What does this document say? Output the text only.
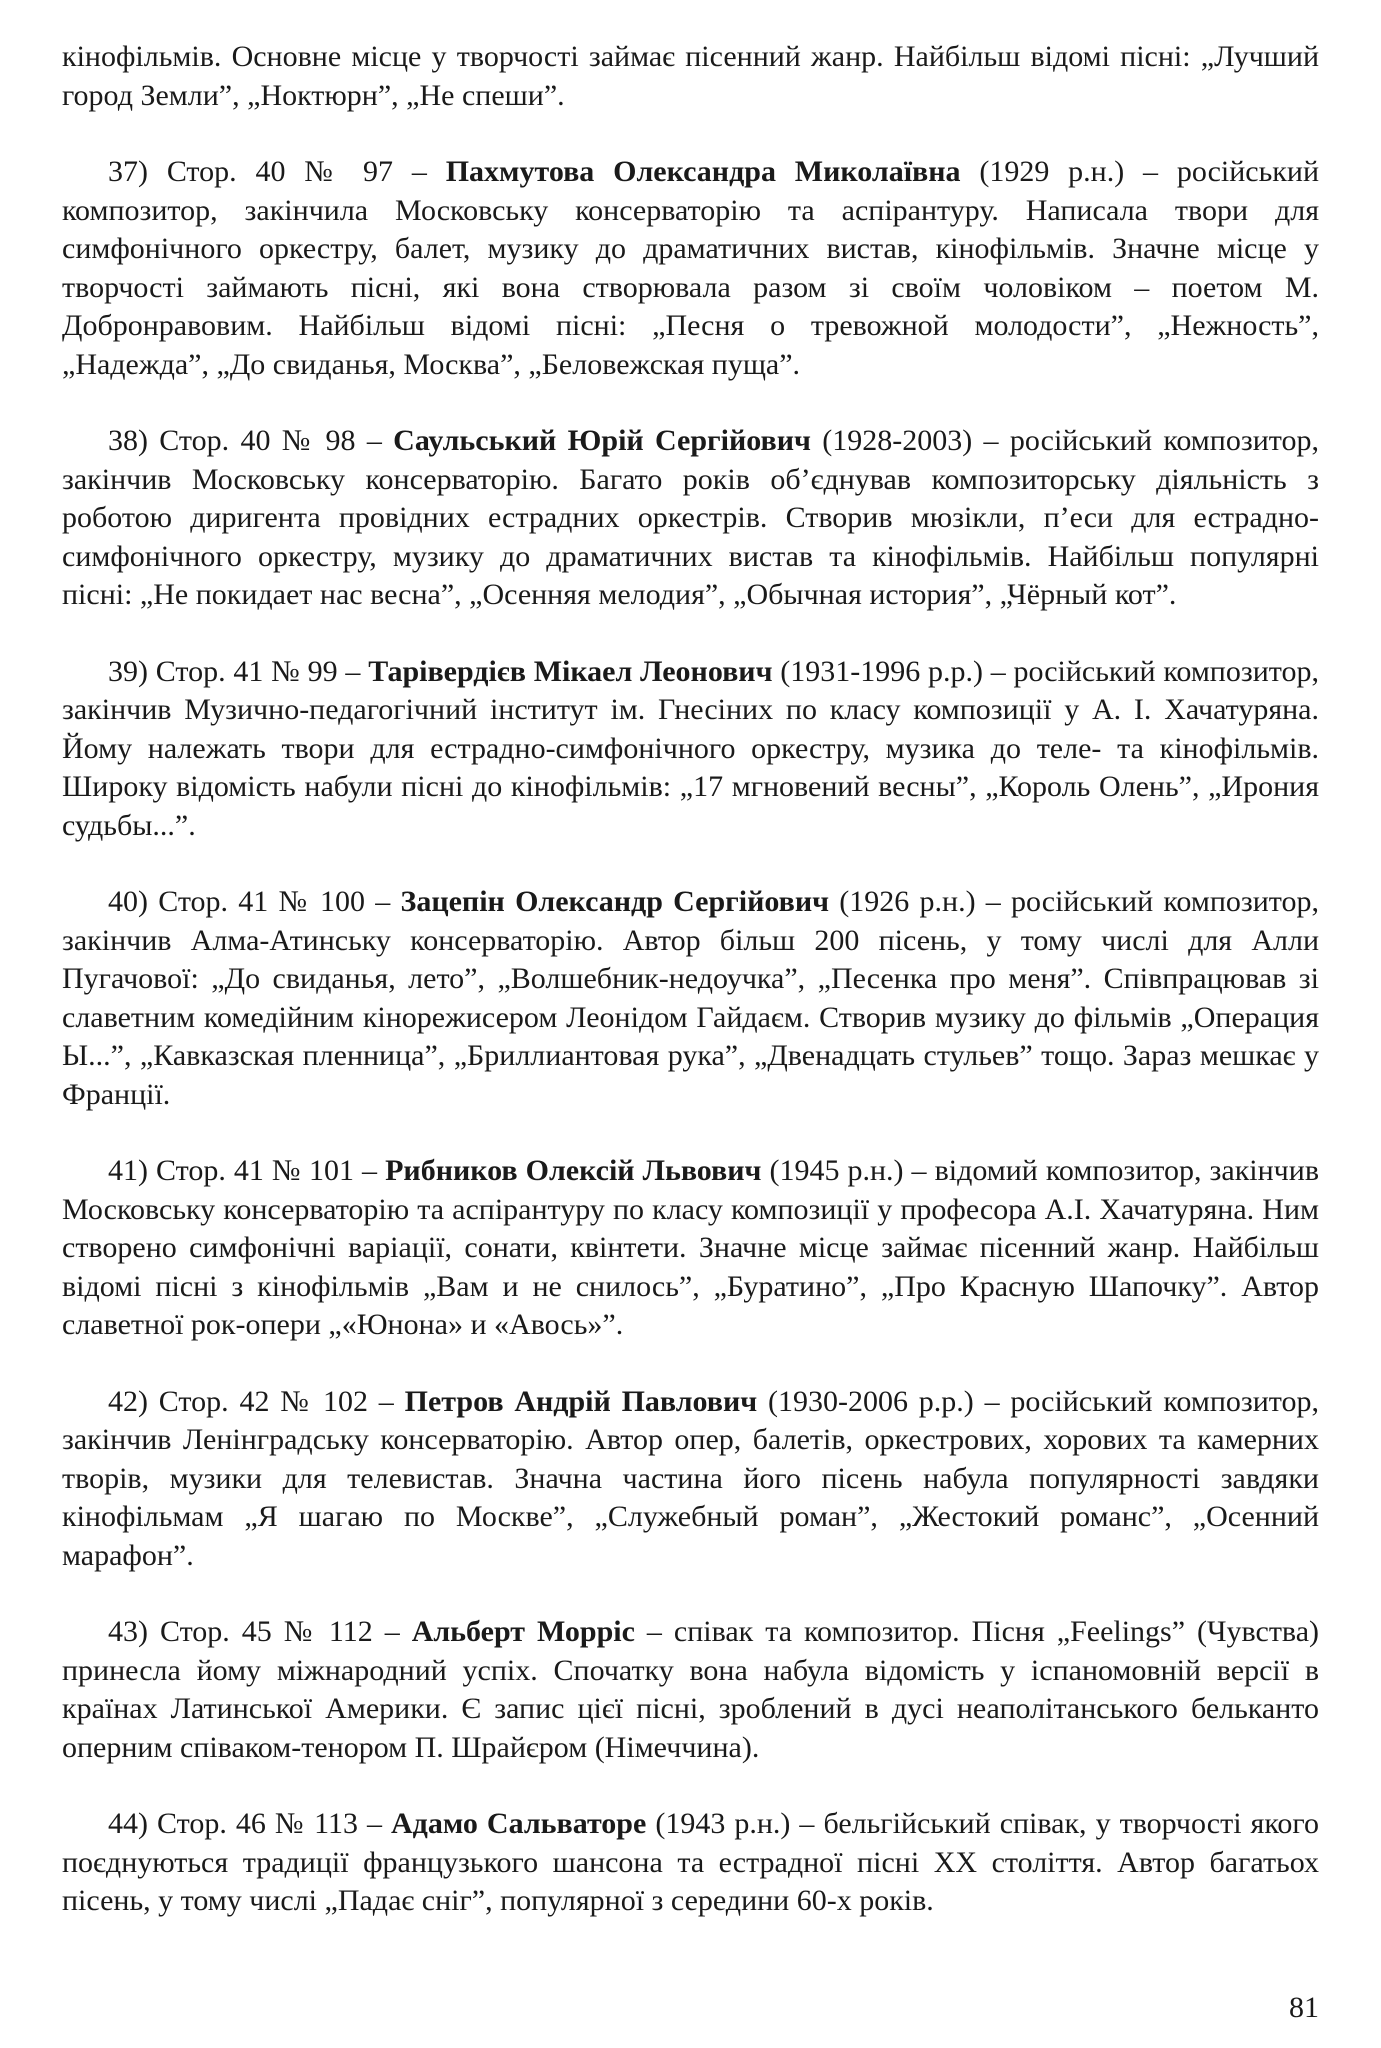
кінофільмів. Основне місце у творчості займає пісенний жанр. Найбільш відомі пісні: „Лучший город Земли”, „Ноктюрн”, „Не спеши”.

37) Стор. 40 № 97 – Пахмутова Олександра Миколаївна (1929 р.н.) – російський композитор, закінчила Московську консерваторію та аспірантуру. Написала твори для симфонічного оркестру, балет, музику до драматичних вистав, кінофільмів. Значне місце у творчості займають пісні, які вона створювала разом зі своїм чоловіком – поетом М. Добронравовим. Найбільш відомі пісні: „Песня о тревожной молодости”, „Нежность”, „Надежда”, „До свиданья, Москва”, „Беловежская пуща”.

38) Стор. 40 № 98 – Саульський Юрій Сергійович (1928-2003) – російський композитор, закінчив Московську консерваторію. Багато років об’єднував композиторську діяльність з роботою диригента провідних естрадних оркестрів. Створив мюзікли, п’еси для естрадно-симфонічного оркестру, музику до драматичних вистав та кінофільмів. Найбільш популярні пісні: „Не покидает нас весна”, „Осенняя мелодия”, „Обычная история”, „Чёрный кот”.

39) Стор. 41 № 99 – Тарівердієв Мікаел Леонович (1931-1996 р.р.) – російський композитор, закінчив Музично-педагогічний інститут ім. Гнесіних по класу композиції у А. І. Хачатуряна. Йому належать твори для естрадно-симфонічного оркестру, музика до теле- та кінофільмів. Широку відомість набули пісні до кінофільмів: „17 мгновений весны”, „Король Олень”, „Ирония судьбы...”.

40) Стор. 41 № 100 – Зацепін Олександр Сергійович (1926 р.н.) – російський композитор, закінчив Алма-Атинську консерваторію. Автор більш 200 пісень, у тому числі для Алли Пугачової: „До свиданья, лето”, „Волшебник-недоучка”, „Песенка про меня”. Співпрацював зі славетним комедійним кінорежисером Леонідом Гайдаєм. Створив музику до фільмів „Операция Ы...”, „Кавказская пленница”, „Бриллиантовая рука”, „Двенадцать стульев” тощо. Зараз мешкає у Франції.

41) Стор. 41 № 101 – Рибников Олексій Львович (1945 р.н.) – відомий композитор, закінчив Московську консерваторію та аспірантуру по класу композиції у професора А.І. Хачатуряна. Ним створено симфонічні варіації, сонати, квінтети. Значне місце займає пісенний жанр. Найбільш відомі пісні з кінофільмів „Вам и не снилось”, „Буратино”, „Про Красную Шапочку”. Автор славетної рок-опери „«Юнона» и «Авось»”.

42) Стор. 42 № 102 – Петров Андрій Павлович (1930-2006 р.р.) – російський композитор, закінчив Ленінградську консерваторію. Автор опер, балетів, оркестрових, хорових та камерних творів, музики для телевистав. Значна частина його пісень набула популярності завдяки кінофільмам „Я шагаю по Москве”, „Служебный роман”, „Жестокий романс”, „Осенний марафон”.

43) Стор. 45 № 112 – Альберт Морріс – співак та композитор. Пісня „Feelings” (Чувства) принесла йому міжнародний успіх. Спочатку вона набула відомість у іспаномовній версії в країнах Латинської Америки. Є запис цієї пісні, зроблений в дусі неаполітанського бельканто оперним співаком-тенором П. Шрайєром (Німеччина).

44) Стор. 46 № 113 – Адамо Сальваторе (1943 р.н.) – бельгійський співак, у творчості якого поєднуються традиції французького шансона та естрадної пісні ХХ століття. Автор багатьох пісень, у тому числі „Падає сніг”, популярної з середини 60-х років.

81
